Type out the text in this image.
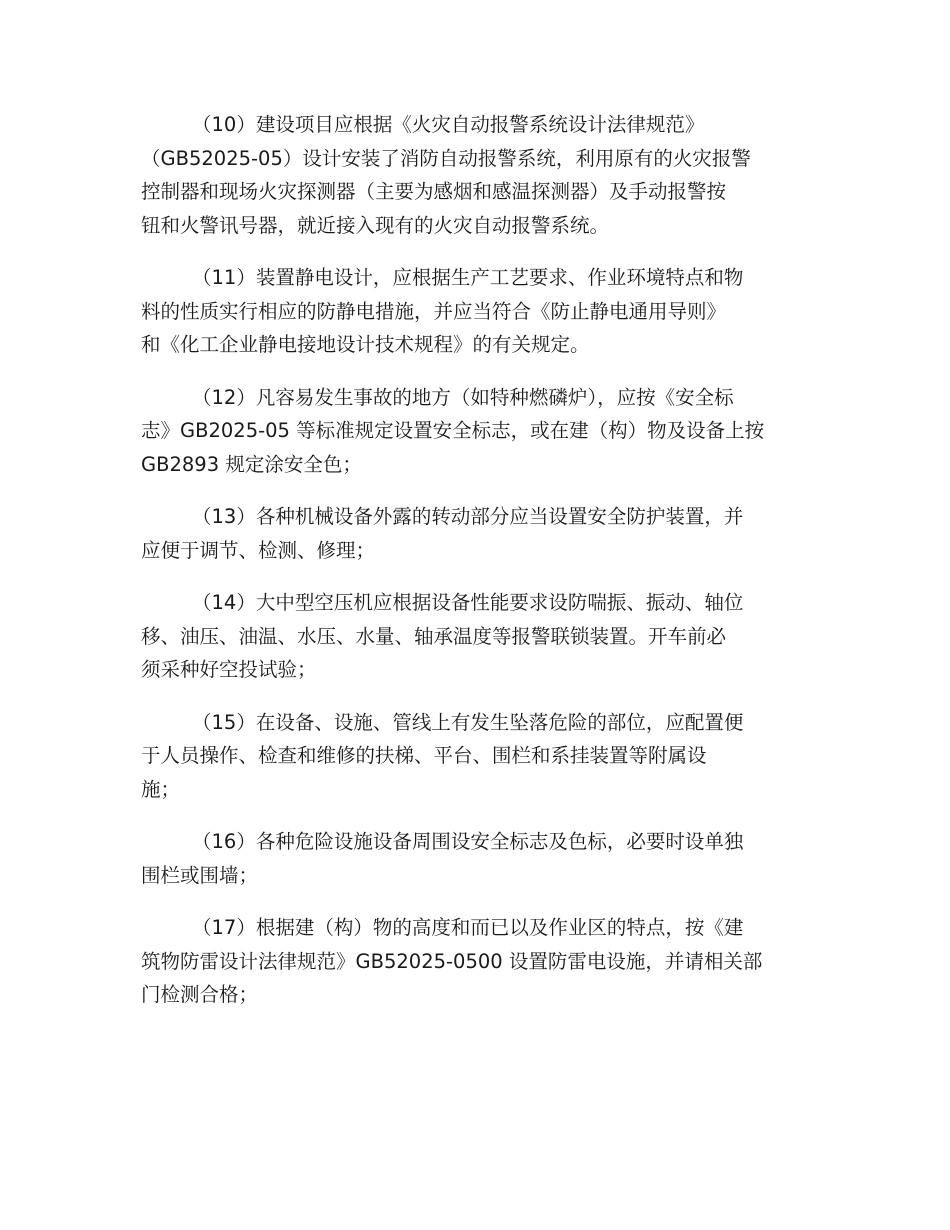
（10）建设项目应根据《火灾自动报警系统设计法律规范》
（GB52025-05）设计安装了消防自动报警系统，利用原有的火灾报警
控制器和现场火灾探测器（主要为感烟和感温探测器）及手动报警按
钮和火警讯号器，就近接入现有的火灾自动报警系统。

（11）装置静电设计，应根据生产工艺要求、作业环境特点和物
料的性质实行相应的防静电措施，并应当符合《防止静电通用导则》
和《化工企业静电接地设计技术规程》的有关规定。

（12）凡容易发生事故的地方（如特种燃磷炉），应按《安全标
志》GB2025-05 等标准规定设置安全标志，或在建（构）物及设备上按
GB2893 规定涂安全色；

（13）各种机械设备外露的转动部分应当设置安全防护装置，并
应便于调节、检测、修理；

（14）大中型空压机应根据设备性能要求设防喘振、振动、轴位
移、油压、油温、水压、水量、轴承温度等报警联锁装置。开车前必
须采种好空投试验；

（15）在设备、设施、管线上有发生坠落危险的部位，应配置便
于人员操作、检查和维修的扶梯、平台、围栏和系挂装置等附属设
施；

（16）各种危险设施设备周围设安全标志及色标，必要时设单独
围栏或围墙；

（17）根据建（构）物的高度和而已以及作业区的特点，按《建
筑物防雷设计法律规范》GB52025-0500 设置防雷电设施，并请相关部
门检测合格；
